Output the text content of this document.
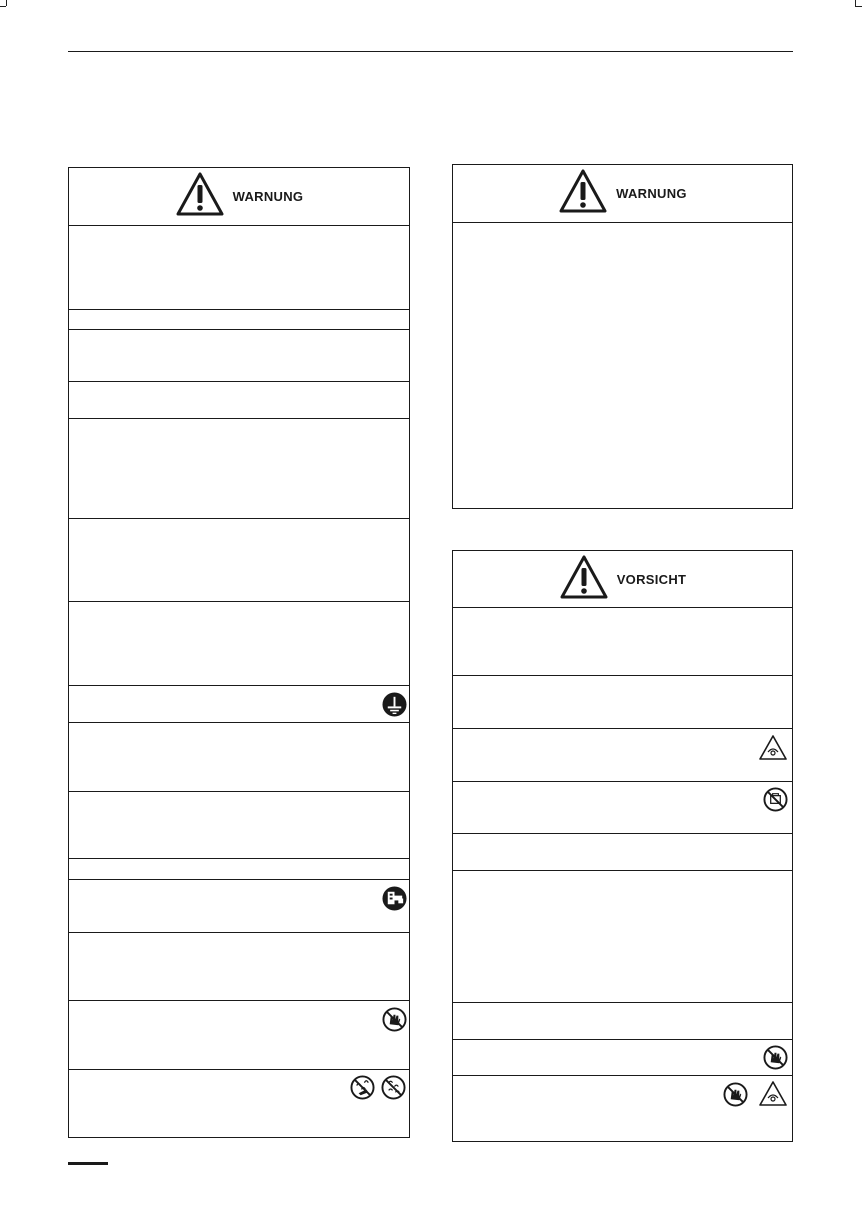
WARNUNG	WARNUNG
VORSICHT
